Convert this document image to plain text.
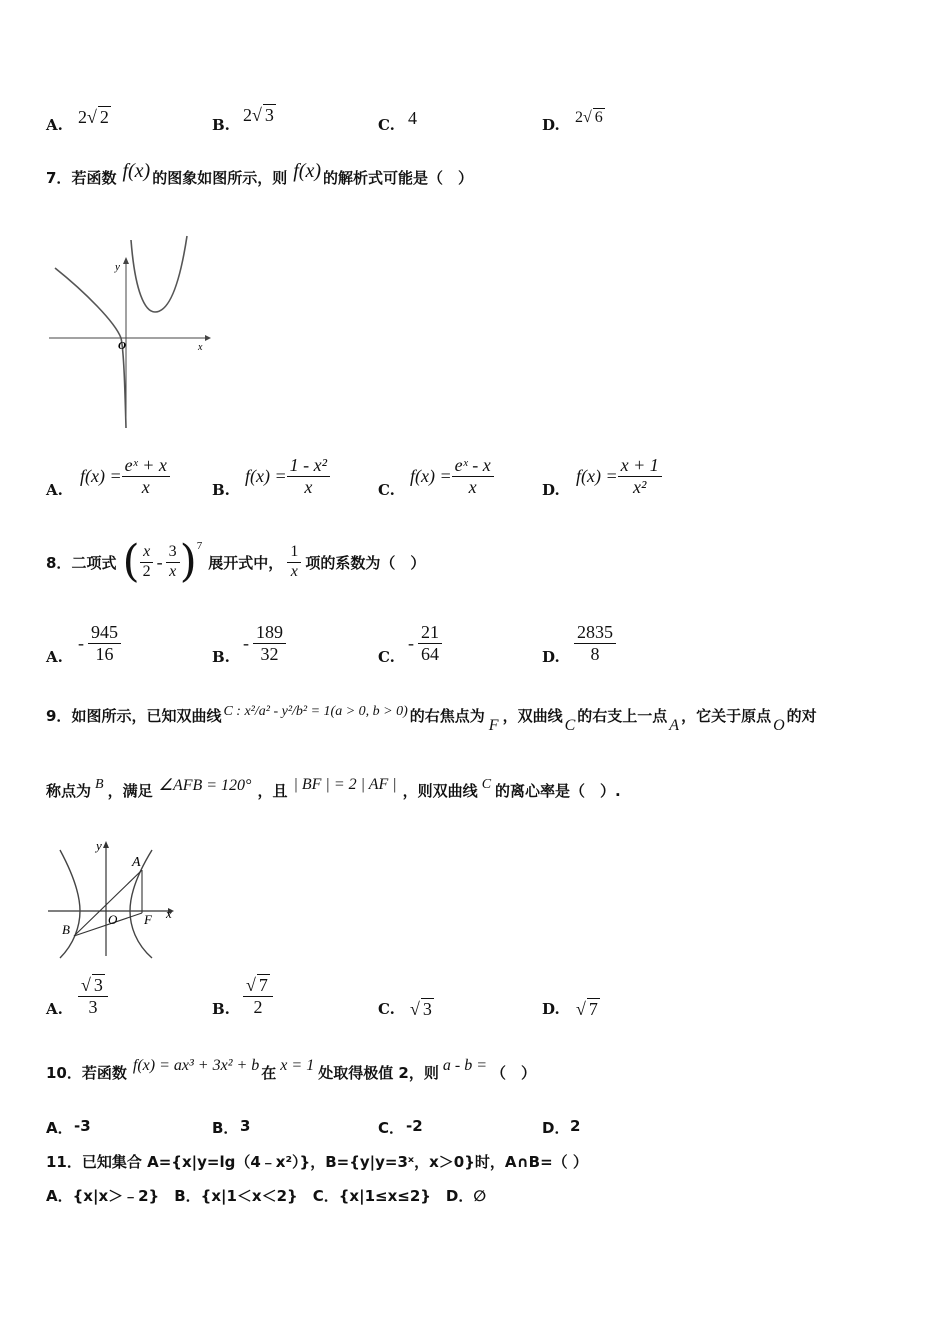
A. 2√ 2	B. 2√ 3	C. 4	D. 2√ 6
7． 若函数 f(x) 的图象如图所示，则 f(x) 的解析式可能是（　）
y
O	x
A.
$f(x) = \frac{\text{eˣ + x}}{x}$	B.
$f(x) = \frac{\text{1 - x²}}{x}$	C.
$f(x) = \frac{\text{eˣ - x}}{x}$	D.
$f(x) = \frac{x + 1}{\text{x²}}$
8． 二项式 ( $\frac{x}{2} - \frac{3}{x}$ ) 7
展开式中， $\frac{1}{x}$ 项的系数为（　）
A.
- $\frac{945}{16}$	B.
- $\frac{189}{32}$	C.
- $\frac{21}{64}$	D. $\frac{2835}{8}$
9． 如图所示，已知双曲线 C : x²/a² - y²/b² = 1(a > 0, b > 0) 的右焦点为 F ，双曲线 C 的右支上一点 A ，它关于原点 O 的对
称点为 B ，满足 ∠AFB = 120° ，且 | BF | = 2 | AF | ，则双曲线 C 的离心率是（　）.
y
A
O F
B
x
A. $\frac{√ 3}{3}$	B. $\frac{√ 7}{2}$	C. √ 3	D. √ 7
10． 若函数 f(x) = ax³ + 3x² + b 在 x = 1 处取得极值 2，则 a - b = （　）
A． -3	B． 3	C． -2	D． 2
11． 已知集合 A={x|y=lg（4﹣x²）}，B={y|y=3ˣ，x＞0}时，A∩B=（ ）
A．{x|x＞﹣2}　B．{x|1＜x＜2}　C．{x|1≤x≤2}　D．∅
